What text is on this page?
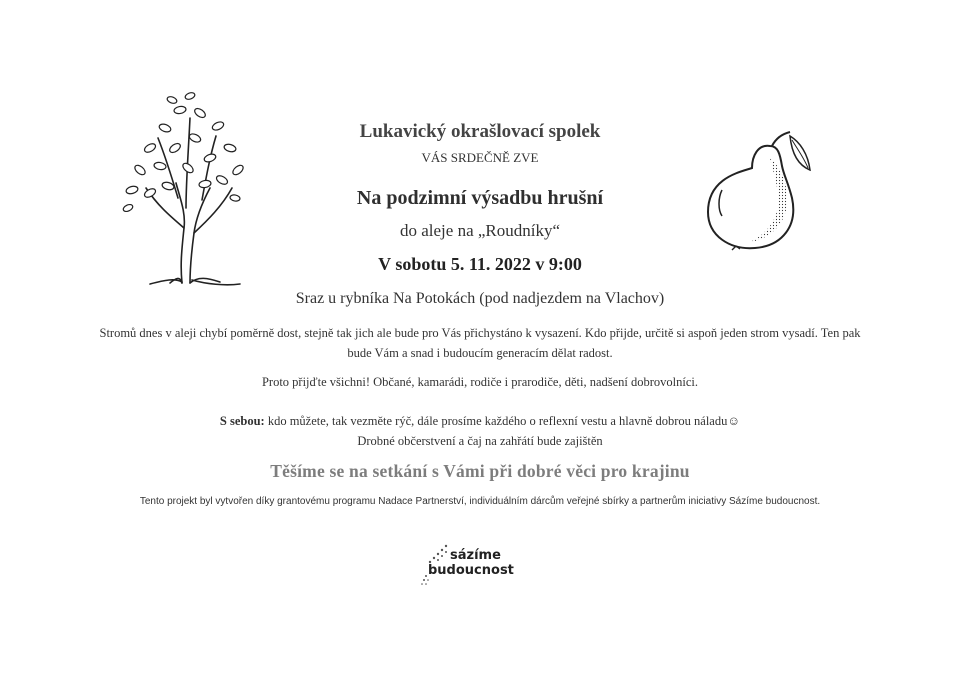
Lukavický okrašlovací spolek
VÁS SRDEČNĚ ZVE
Na podzimní výsadbu hrušní
do aleje na „Roudníky“
V sobotu 5. 11. 2022 v 9:00
Sraz u rybníka Na Potokách (pod nadjezdem na Vlachov)
Stromů dnes v aleji chybí poměrně dost, stejně tak jich ale bude pro Vás přichystáno k vysazení. Kdo přijde, určitě si aspoň jeden strom vysadí. Ten pak bude Vám a snad i budoucím generacím dělat radost.
Proto přijďte všichni! Občané, kamarádi, rodiče i prarodiče, děti, nadšení dobrovolníci.
S sebou: kdo můžete, tak vezměte rýč, dále prosíme každého o reflexní vestu a hlavně dobrou náladu☺
Drobné občerstvení a čaj na zahřátí bude zajištěn
Těšíme se na setkání s Vámi při dobré věci pro krajinu
Tento projekt byl vytvořen díky grantovému programu Nadace Partnerství, individuálním dárcům veřejné sbírky a partnerům iniciativy Sázíme budoucnost.
sázíme
budoucnost
